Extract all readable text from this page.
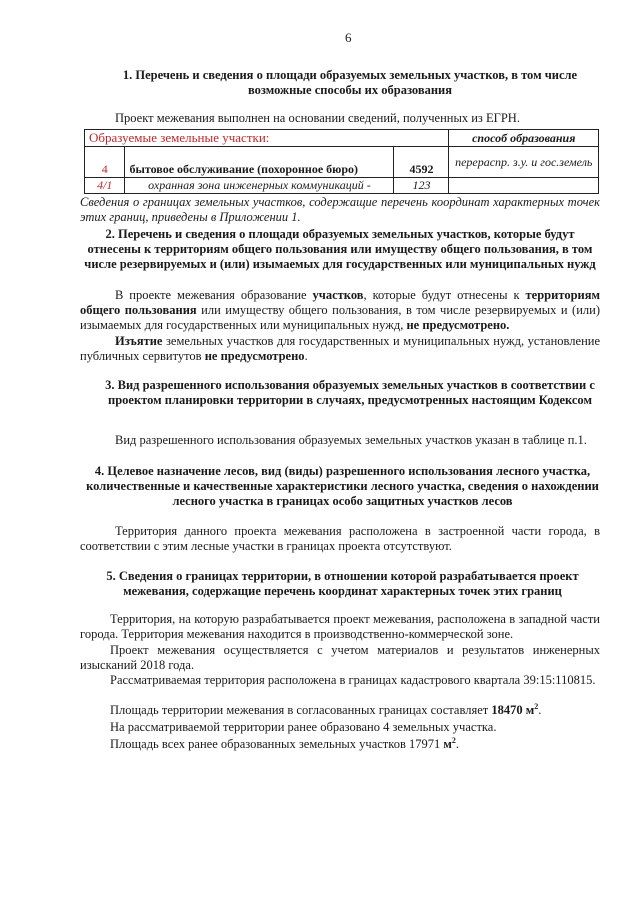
6
1. Перечень и сведения о площади образуемых земельных участков, в том числе возможные способы их образования
Проект межевания выполнен на основании сведений, полученных из ЕГРН.
Образуемые земельные участки:			способ образования
4	бытовое обслуживание (похоронное бюро)	4592	перераспр. з.у. и гос.земель
4/1	охранная зона инженерных коммуникаций -	123	
Сведения о границах земельных участков, содержащие перечень координат характерных точек этих границ, приведены в Приложении 1.
2. Перечень и сведения о площади образуемых земельных участков, которые будут отнесены к территориям общего пользования или имуществу общего пользования, в том числе резервируемых и (или) изымаемых для государственных или муниципальных нужд
В проекте межевания образование участков, которые будут отнесены к территориям общего пользования или имуществу общего пользования, в том числе резервируемых и (или) изымаемых для государственных или муниципальных нужд, не предусмотрено.
Изъятие земельных участков для государственных и муниципальных нужд, установление публичных сервитутов не предусмотрено.
3. Вид разрешенного использования образуемых земельных участков в соответствии с проектом планировки территории в случаях, предусмотренных настоящим Кодексом
Вид разрешенного использования образуемых земельных участков указан в таблице п.1.
4. Целевое назначение лесов, вид (виды) разрешенного использования лесного участка, количественные и качественные характеристики лесного участка, сведения о нахождении лесного участка в границах особо защитных участков лесов
Территория данного проекта межевания расположена в застроенной части города, в соответствии с этим лесные участки в границах проекта отсутствуют.
5. Сведения о границах территории, в отношении которой разрабатывается проект межевания, содержащие перечень координат характерных точек этих границ
Территория, на которую разрабатывается проект межевания, расположена в западной части города. Территория межевания находится в производственно-коммерческой зоне.
Проект межевания осуществляется с учетом материалов и результатов инженерных изысканий 2018 года.
Рассматриваемая территория расположена в границах кадастрового квартала 39:15:110815.
Площадь территории межевания в согласованных границах составляет 18470 $м^2$.
На рассматриваемой территории ранее образовано 4 земельных участка.
Площадь всех ранее образованных земельных участков 17971 $м^2$.
